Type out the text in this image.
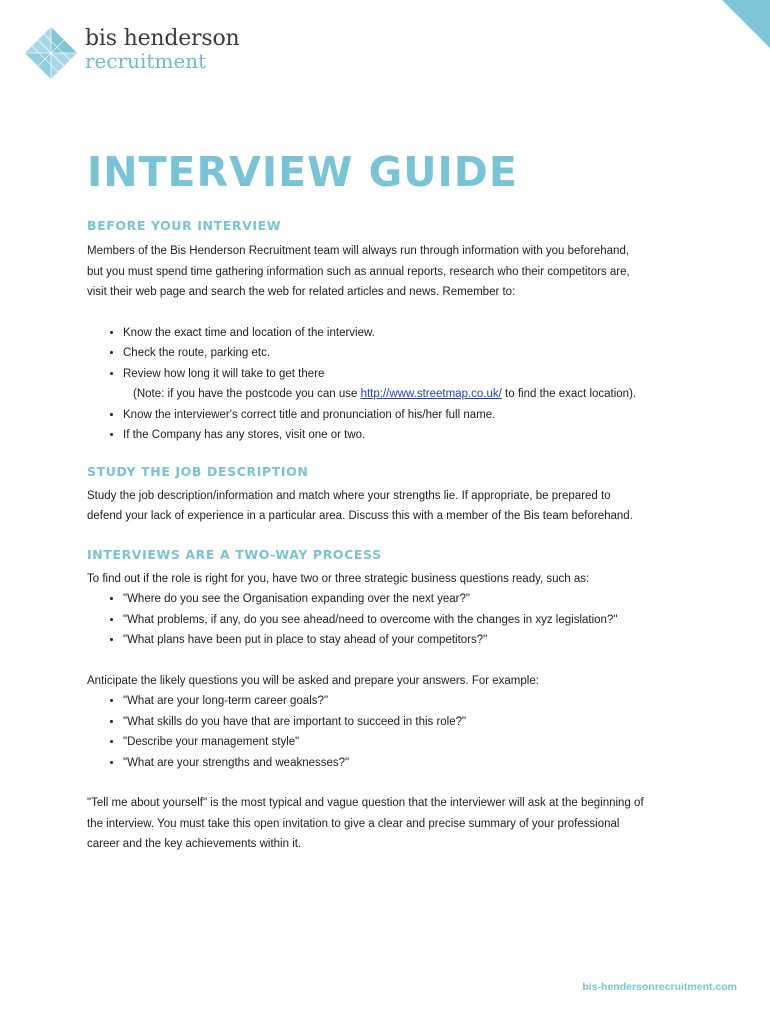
bis henderson
recruitment
INTERVIEW GUIDE
BEFORE YOUR INTERVIEW

Members of the Bis Henderson Recruitment team will always run through information with you beforehand,
but you must spend time gathering information such as annual reports, research who their competitors are,
visit their web page and search the web for related articles and news. Remember to:

• Know the exact time and location of the interview.
• Check the route, parking etc.
• Review how long it will take to get there
(Note: if you have the postcode you can use http://www.streetmap.co.uk/ to find the exact location).
• Know the interviewer's correct title and pronunciation of his/her full name.
• If the Company has any stores, visit one or two.
STUDY THE JOB DESCRIPTION

Study the job description/information and match where your strengths lie. If appropriate, be prepared to
defend your lack of experience in a particular area. Discuss this with a member of the Bis team beforehand.

INTERVIEWS ARE A TWO-WAY PROCESS

To find out if the role is right for you, have two or three strategic business questions ready, such as:

• "Where do you see the Organisation expanding over the next year?"
• "What problems, if any, do you see ahead/need to overcome with the changes in xyz legislation?"
• "What plans have been put in place to stay ahead of your competitors?"

Anticipate the likely questions you will be asked and prepare your answers. For example:

• "What are your long-term career goals?"
• "What skills do you have that are important to succeed in this role?"
• "Describe your management style"
• "What are your strengths and weaknesses?"

"Tell me about yourself" is the most typical and vague question that the interviewer will ask at the beginning of
the interview. You must take this open invitation to give a clear and precise summary of your professional
career and the key achievements within it.

bis-hendersonrecruitment.com
